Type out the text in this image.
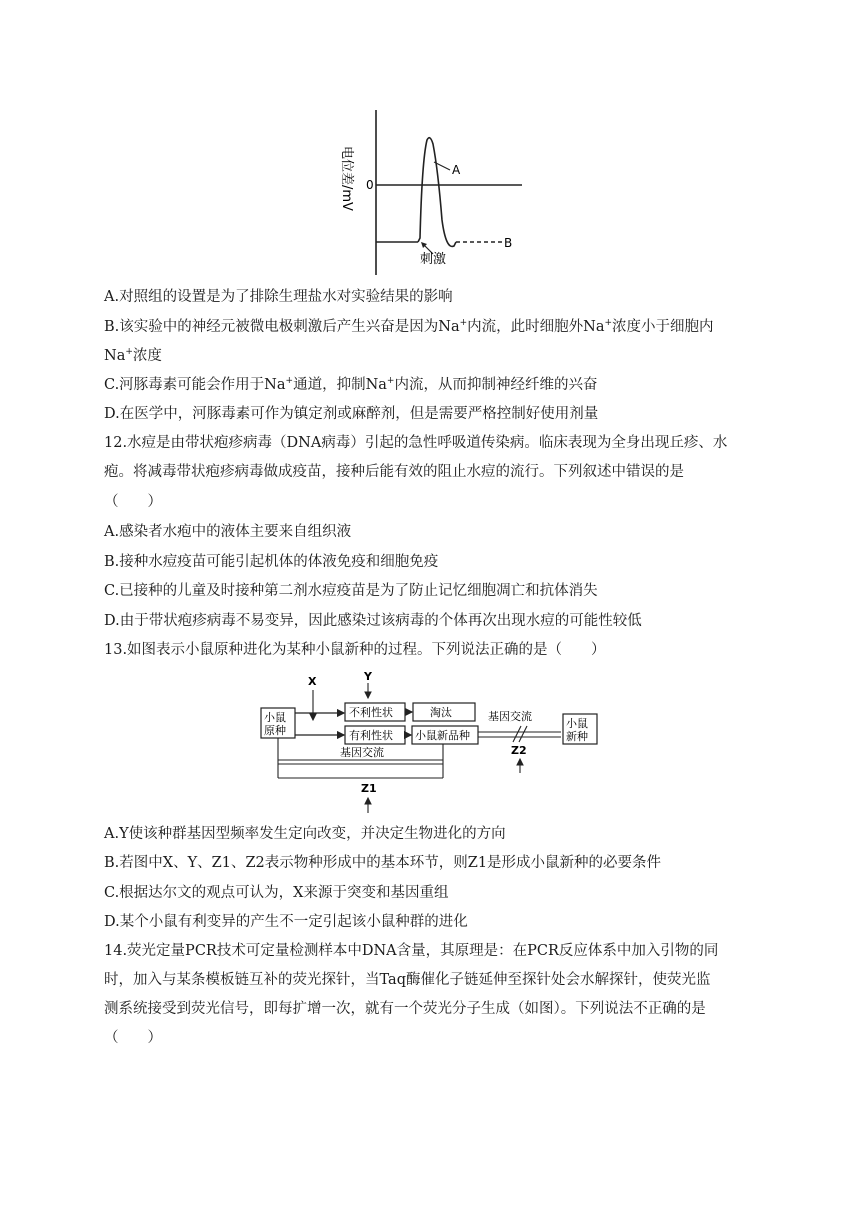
A
B
0
刺激
电位差/mV
A.对照组的设置是为了排除生理盐水对实验结果的影响
B.该实验中的神经元被微电极刺激后产生兴奋是因为Na+内流，此时细胞外Na+浓度小于细胞内
Na+浓度
C.河豚毒素可能会作用于Na+通道，抑制Na+内流，从而抑制神经纤维的兴奋
D.在医学中，河豚毒素可作为镇定剂或麻醉剂，但是需要严格控制好使用剂量
12.水痘是由带状疱疹病毒（DNA病毒）引起的急性呼吸道传染病。临床表现为全身出现丘疹、水
疱。将减毒带状疱疹病毒做成疫苗，接种后能有效的阻止水痘的流行。下列叙述中错误的是
（　　）
A.感染者水疱中的液体主要来自组织液
B.接种水痘疫苗可能引起机体的体液免疫和细胞免疫
C.已接种的儿童及时接种第二剂水痘疫苗是为了防止记忆细胞凋亡和抗体消失
D.由于带状疱疹病毒不易变异，因此感染过该病毒的个体再次出现水痘的可能性较低
13.如图表示小鼠原种进化为某种小鼠新种的过程。下列说法正确的是（　　）
小鼠
原种
X	Y
不利性状	淘汰
有利性状 小鼠新品种
基因交流
小鼠
新种
Z2
基因交流
Z1
A.Y使该种群基因型频率发生定向改变，并决定生物进化的方向
B.若图中X、Y、Z1、Z2表示物种形成中的基本环节，则Z1是形成小鼠新种的必要条件
C.根据达尔文的观点可认为，X来源于突变和基因重组
D.某个小鼠有利变异的产生不一定引起该小鼠种群的进化
14.荧光定量PCR技术可定量检测样本中DNA含量，其原理是：在PCR反应体系中加入引物的同
时，加入与某条模板链互补的荧光探针，当Taq酶催化子链延伸至探针处会水解探针，使荧光监
测系统接受到荧光信号，即每扩增一次，就有一个荧光分子生成（如图）。下列说法不正确的是
（　　）
